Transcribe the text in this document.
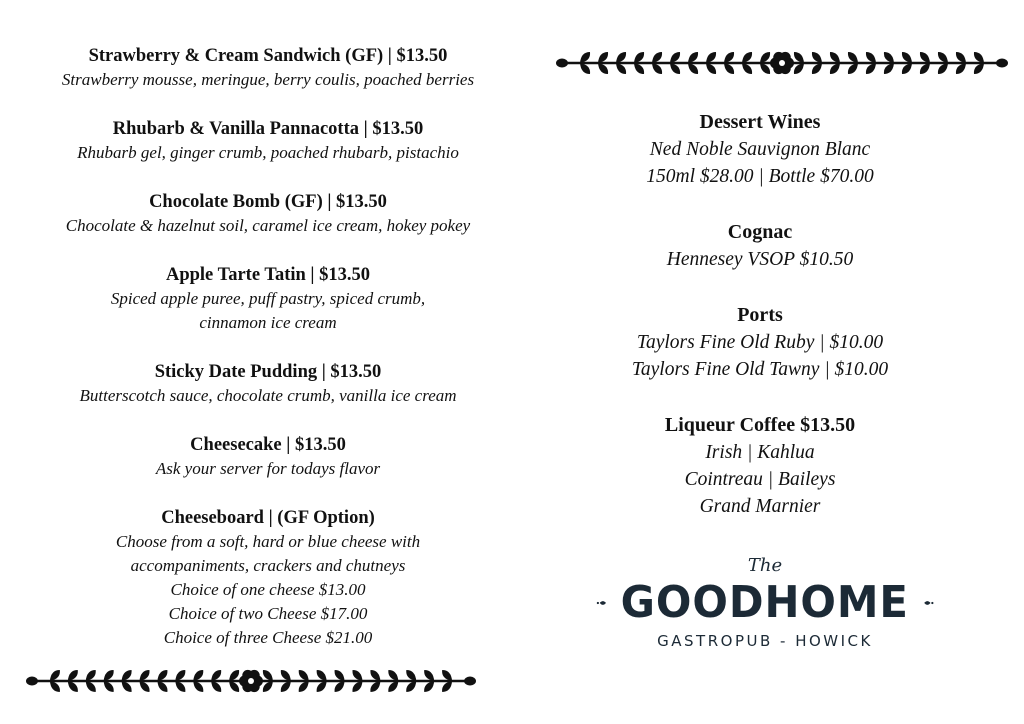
Strawberry & Cream Sandwich (GF) | $13.50
Strawberry mousse, meringue, berry coulis, poached berries
Rhubarb & Vanilla Pannacotta | $13.50
Rhubarb gel, ginger crumb, poached rhubarb, pistachio
Chocolate Bomb (GF) | $13.50
Chocolate & hazelnut soil, caramel ice cream, hokey pokey
Apple Tarte Tatin | $13.50
Spiced apple puree, puff pastry, spiced crumb,
cinnamon ice cream
Sticky Date Pudding | $13.50
Butterscotch sauce, chocolate crumb, vanilla ice cream
Cheesecake | $13.50
Ask your server for todays flavor
Cheeseboard | (GF Option)
Choose from a soft, hard or blue cheese with
accompaniments, crackers and chutneys
Choice of one cheese $13.00
Choice of two Cheese $17.00
Choice of three Cheese $21.00
Dessert Wines
Ned Noble Sauvignon Blanc
150ml $28.00 | Bottle $70.00
Cognac
Hennesey VSOP $10.50
Ports
Taylors Fine Old Ruby | $10.00
Taylors Fine Old Tawny | $10.00
Liqueur Coffee $13.50
Irish | Kahlua
Cointreau | Baileys
Grand Marnier
The
GOODHOME
GASTROPUB - HOWICK
